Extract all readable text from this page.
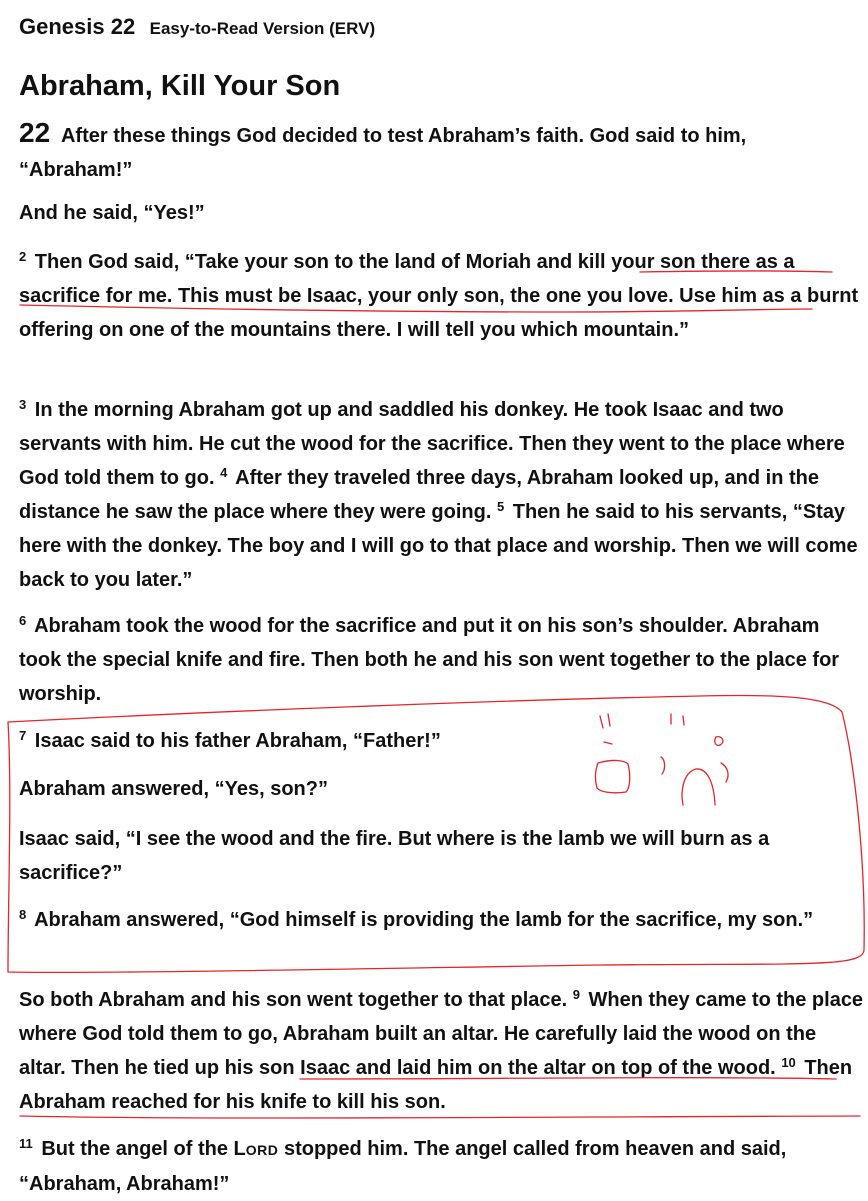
Genesis 22 Easy-to-Read Version (ERV)
Abraham, Kill Your Son

22 After these things God decided to test Abraham’s faith. God said to him, “Abraham!”

And he said, “Yes!”

$^2$ Then God said, “Take your son to the land of Moriah and kill your son there as a sacrifice for me. This must be Isaac, your only son, the one you love. Use him as a burnt offering on one of the mountains there. I will tell you which mountain.”

$^3$ In the morning Abraham got up and saddled his donkey. He took Isaac and two servants with him. He cut the wood for the sacrifice. Then they went to the place where God told them to go. $^4$ After they traveled three days, Abraham looked up, and in the distance he saw the place where they were going. $^5$ Then he said to his servants, “Stay here with the donkey. The boy and I will go to that place and worship. Then we will come back to you later.”

$^6$ Abraham took the wood for the sacrifice and put it on his son’s shoulder. Abraham took the special knife and fire. Then both he and his son went together to the place for worship.

$^7$ Isaac said to his father Abraham, “Father!”

Abraham answered, “Yes, son?”

Isaac said, “I see the wood and the fire. But where is the lamb we will burn as a sacrifice?”

$^8$ Abraham answered, “God himself is providing the lamb for the sacrifice, my son.”

So both Abraham and his son went together to that place. $^9$ When they came to the place where God told them to go, Abraham built an altar. He carefully laid the wood on the altar. Then he tied up his son Isaac and laid him on the altar on top of the wood. $^{10}$ Then Abraham reached for his knife to kill his son.

$^{11}$ But the angel of the LORD stopped him. The angel called from heaven and said, “Abraham, Abraham!”
